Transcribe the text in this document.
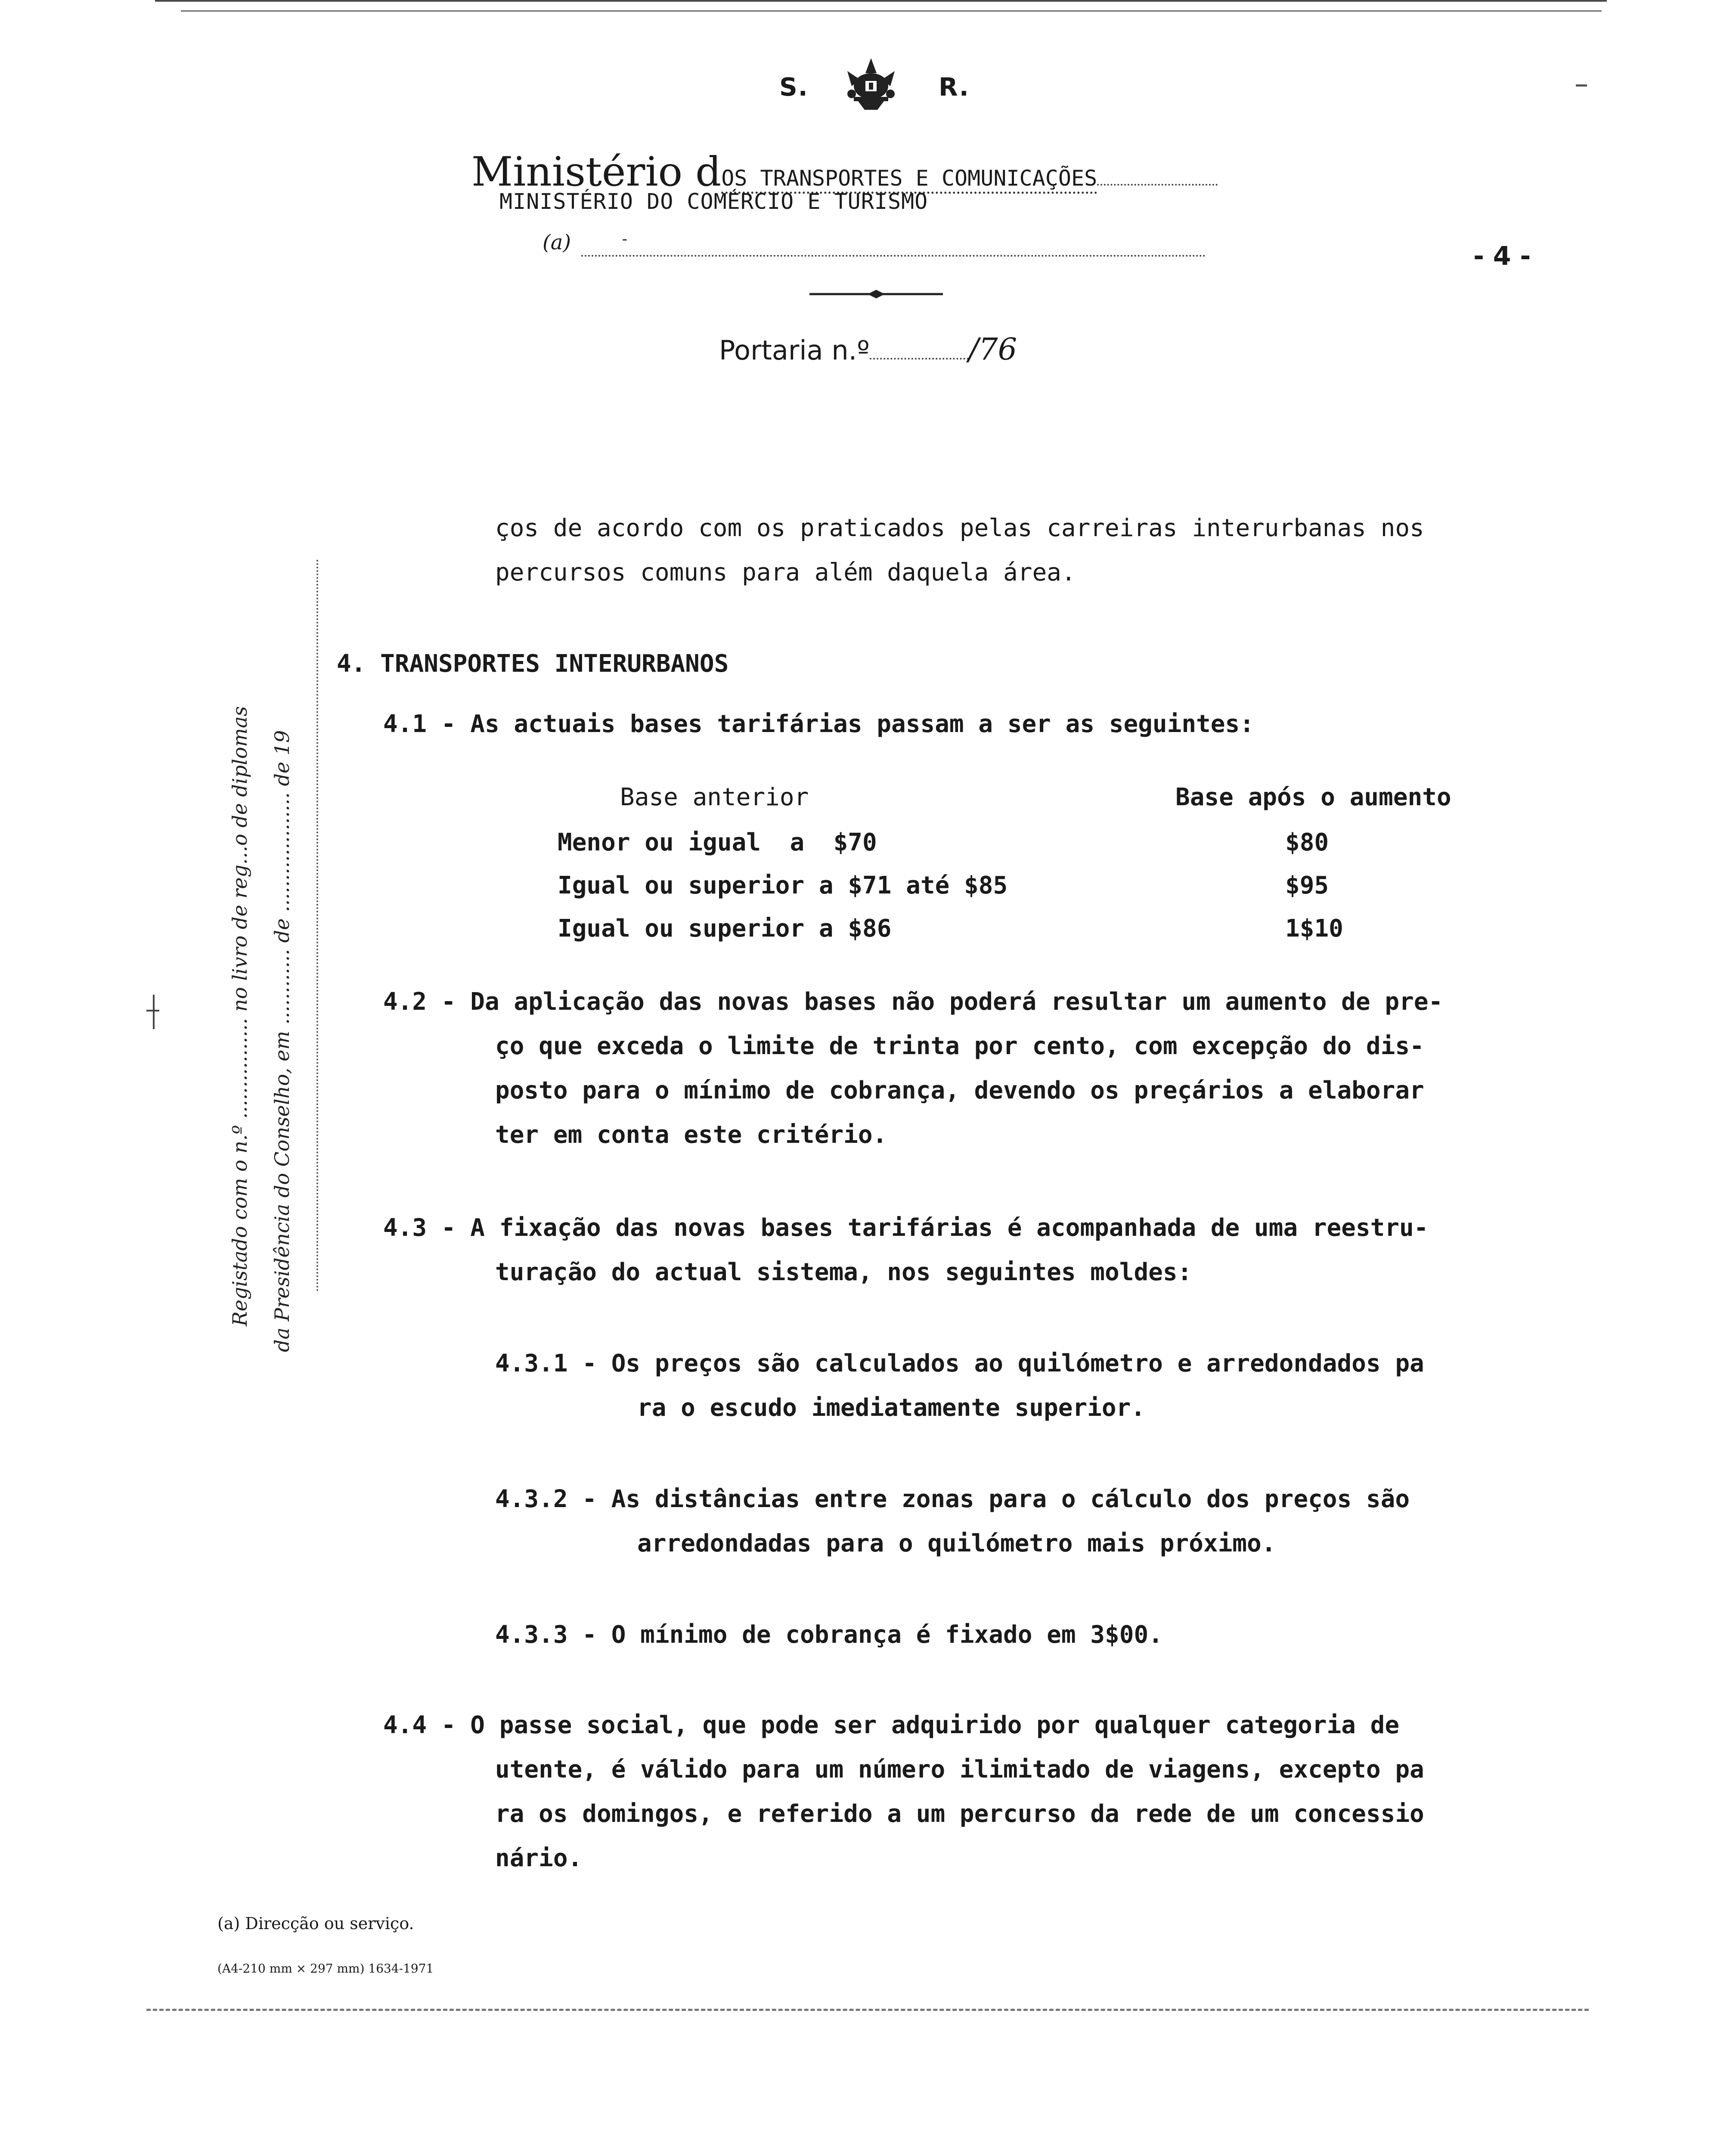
S.	R.
Ministério dOS TRANSPORTES E COMUNICAÇÕES
MINISTÉRIO DO COMÉRCIO E TURISMO
(a)	-
- 4 -
Portaria n.º	/76
Registado com o n.º ................ no livro de reg...o de diplomas da Presidência do Conselho, em ............ de ................... de 19
ços de acordo com os praticados pelas carreiras interurbanas nos
percursos comuns para além daquela área.
4. TRANSPORTES INTERURBANOS
4.1 - As actuais bases tarifárias passam a ser as seguintes:
Base anterior	Base após o aumento
Menor ou igual  a  $70	$80
Igual ou superior a $71 até $85	$95
Igual ou superior a $86	1$10
4.2 - Da aplicação das novas bases não poderá resultar um aumento de pre-
ço que exceda o limite de trinta por cento, com excepção do dis-
posto para o mínimo de cobrança, devendo os preçários a elaborar
ter em conta este critério.
4.3 - A fixação das novas bases tarifárias é acompanhada de uma reestru-
turação do actual sistema, nos seguintes moldes:
4.3.1 - Os preços são calculados ao quilómetro e arredondados pa
ra o escudo imediatamente superior.
4.3.2 - As distâncias entre zonas para o cálculo dos preços são
arredondadas para o quilómetro mais próximo.
4.3.3 - O mínimo de cobrança é fixado em 3$00.
4.4 - O passe social, que pode ser adquirido por qualquer categoria de
utente, é válido para um número ilimitado de viagens, excepto pa
ra os domingos, e referido a um percurso da rede de um concessio
nário.
(a) Direcção ou serviço.
(A4-210 mm × 297 mm) 1634-1971
